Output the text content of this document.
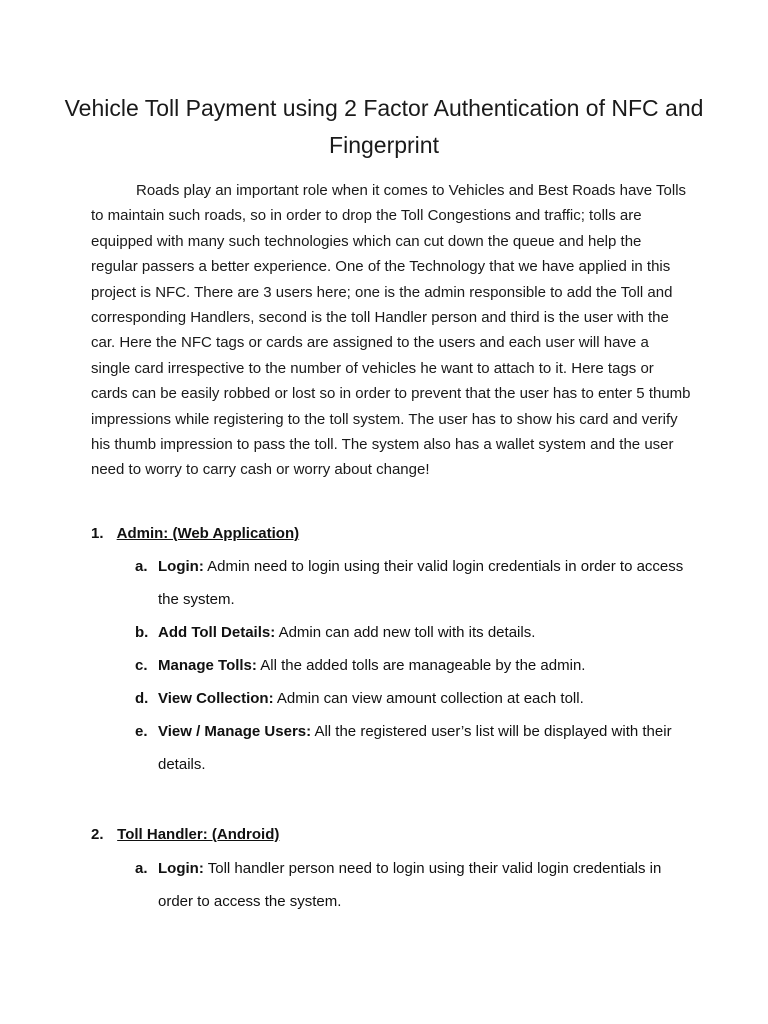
Vehicle Toll Payment using 2 Factor Authentication of NFC and Fingerprint

Roads play an important role when it comes to Vehicles and Best Roads have Tolls to maintain such roads, so in order to drop the Toll Congestions and traffic; tolls are equipped with many such technologies which can cut down the queue and help the regular passers a better experience. One of the Technology that we have applied in this project is NFC. There are 3 users here; one is the admin responsible to add the Toll and corresponding Handlers, second is the toll Handler person and third is the user with the car. Here the NFC tags or cards are assigned to the users and each user will have a single card irrespective to the number of vehicles he want to attach to it. Here tags or cards can be easily robbed or lost so in order to prevent that the user has to enter 5 thumb impressions while registering to the toll system. The user has to show his card and verify his thumb impression to pass the toll. The system also has a wallet system and the user need to worry to carry cash or worry about change!

1. Admin: (Web Application)
a. Login: Admin need to login using their valid login credentials in order to access the system.
b. Add Toll Details: Admin can add new toll with its details.
c. Manage Tolls: All the added tolls are manageable by the admin.
d. View Collection: Admin can view amount collection at each toll.
e. View / Manage Users: All the registered user’s list will be displayed with their details.
2. Toll Handler: (Android)
a. Login: Toll handler person need to login using their valid login credentials in order to access the system.
